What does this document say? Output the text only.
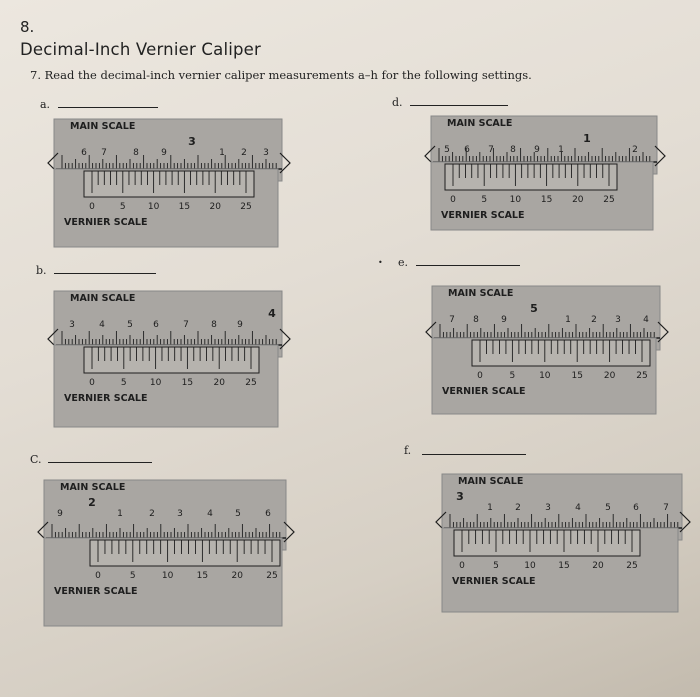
8.
Decimal-Inch Vernier Caliper
7. Read the decimal-inch vernier caliper measurements a–h for the following settings.
a.	d.
b.
• e.
C.
f.
MAIN SCALE
6 7	8 9
3
1 2 3
0	5 10 15 20 25
VERNIER SCALE
MAIN SCALE
5 6 7 8 9 1
1
2
0	5	10 15 20 25
VERNIER SCALE
MAIN SCALE
3	4 5 6	7 8 9
4
0	5	10 15 20 25
VERNIER SCALE
MAIN SCALE
7 8 9
5
1 2 3 4
0	5	10 15 20 25
VERNIER SCALE
MAIN SCALE
9
2
1	2 3	4 5	6
0	5	10	15	20	25
VERNIER SCALE
MAIN SCALE
3
1 2	3	4	5 6	7
0	5	10	15	20	25
VERNIER SCALE
